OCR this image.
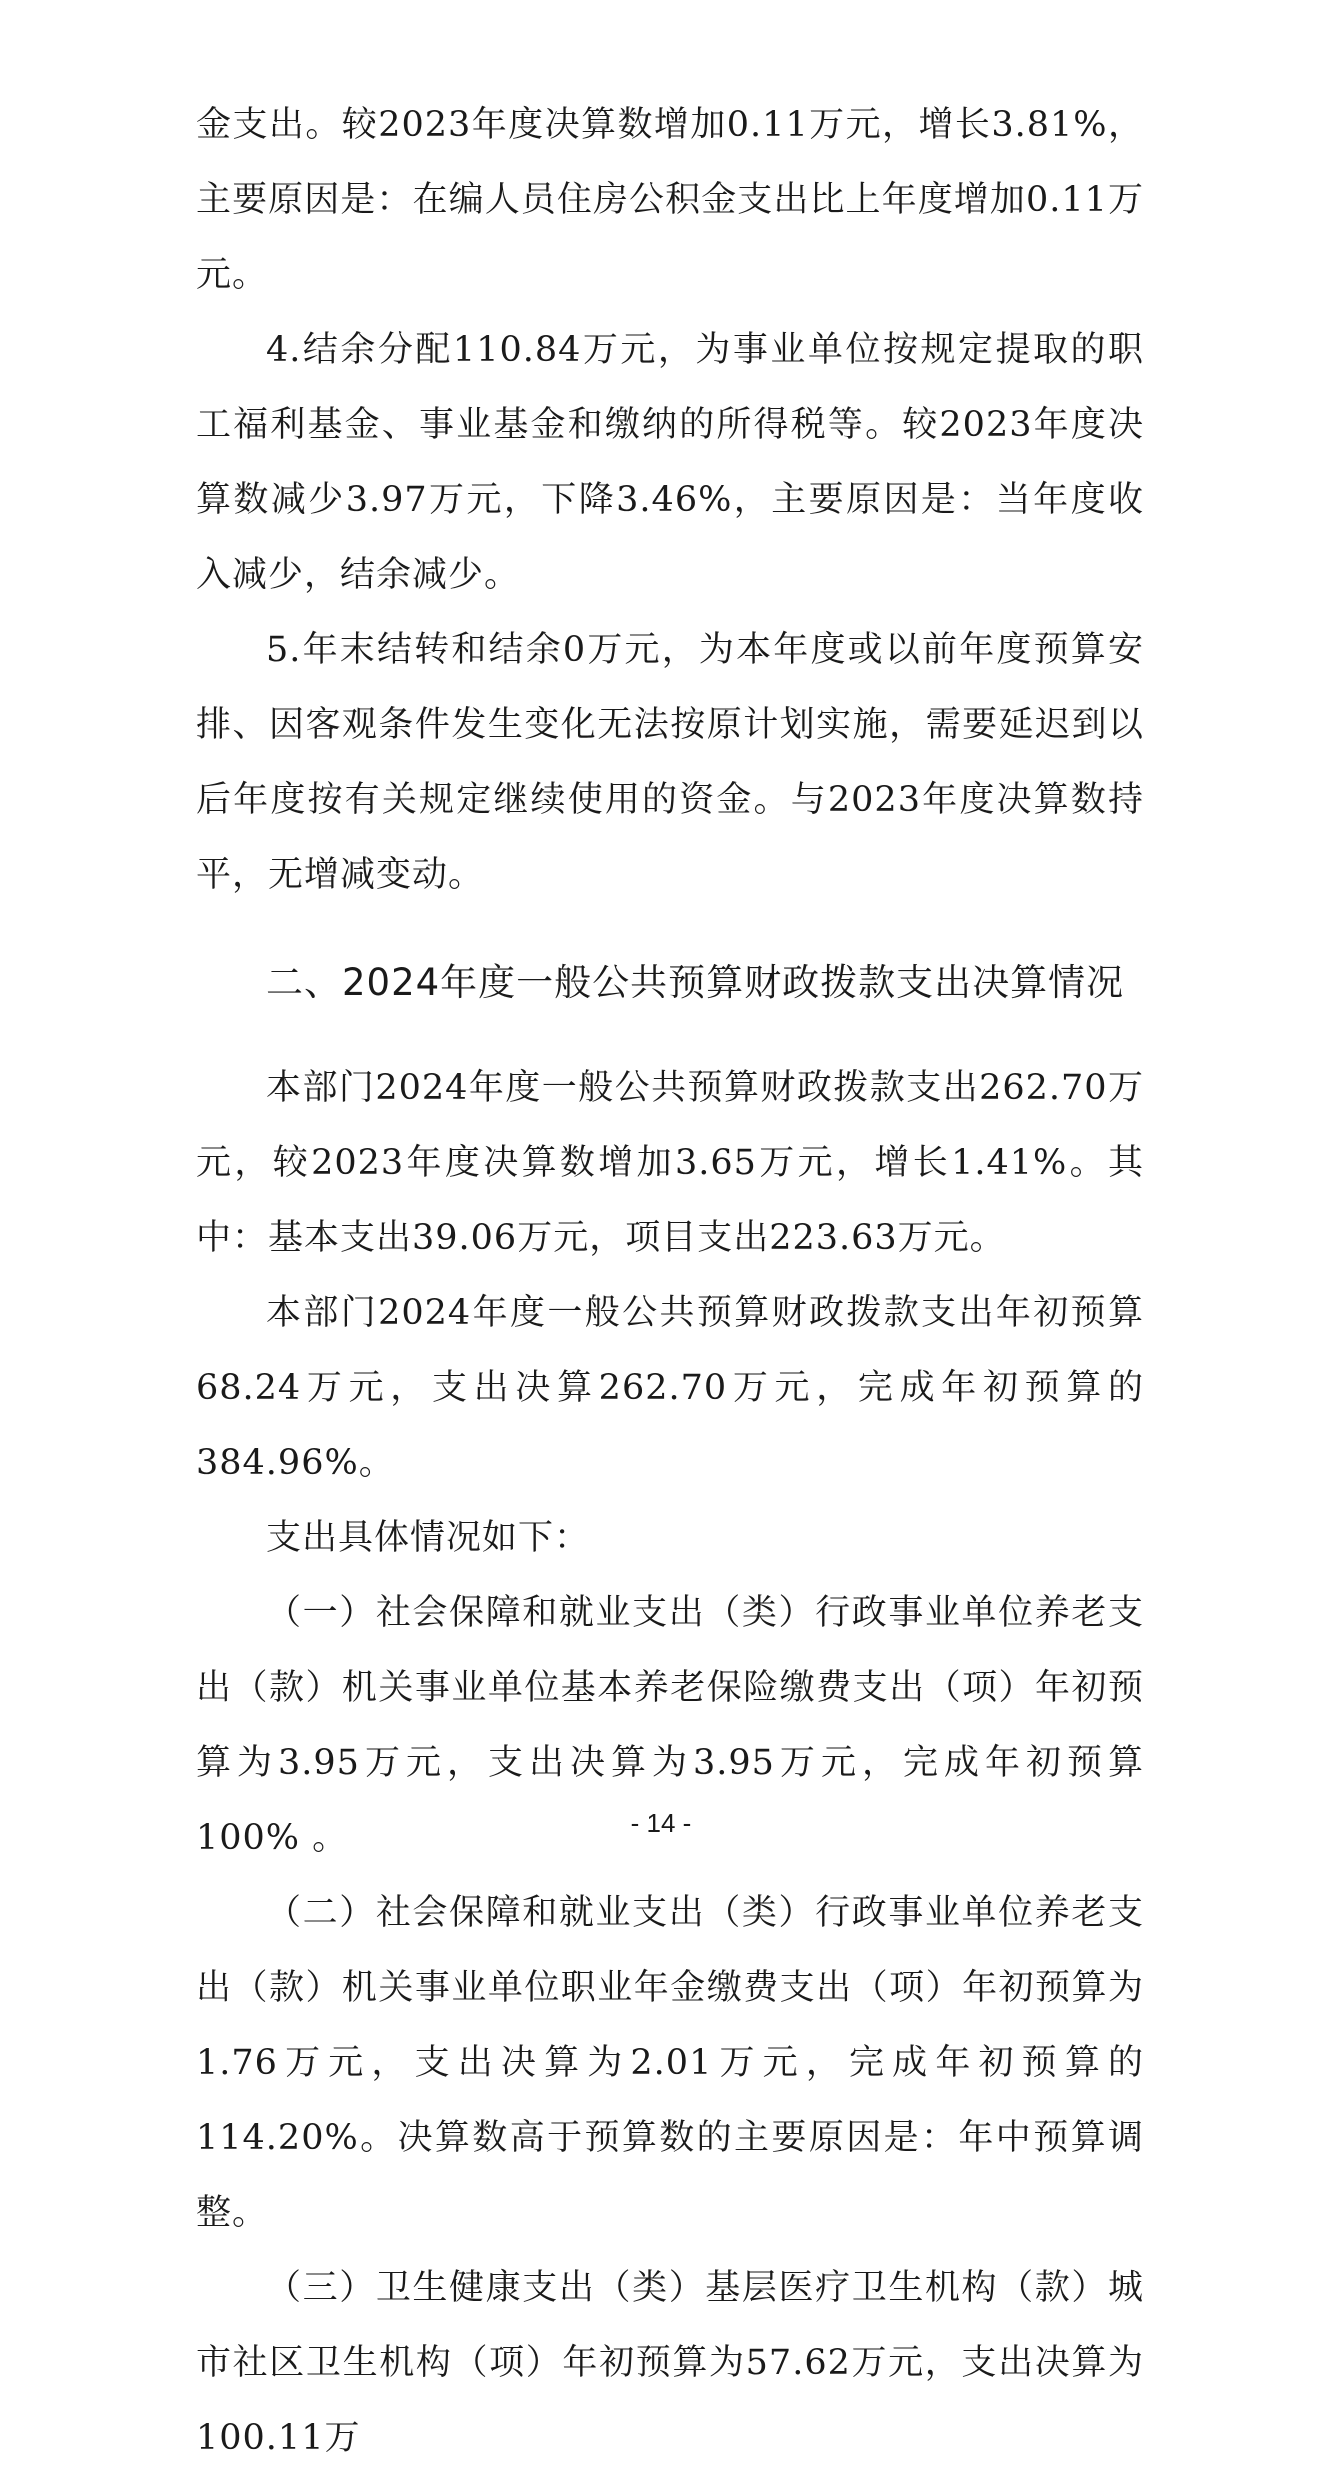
金支出。较2023年度决算数增加0.11万元，增长3.81%，主要原因是：在编人员住房公积金支出比上年度增加0.11万元。

4.结余分配110.84万元，为事业单位按规定提取的职工福利基金、事业基金和缴纳的所得税等。较2023年度决算数减少3.97万元，下降3.46%，主要原因是：当年度收入减少，结余减少。

5.年末结转和结余0万元，为本年度或以前年度预算安排、因客观条件发生变化无法按原计划实施，需要延迟到以后年度按有关规定继续使用的资金。与2023年度决算数持平，无增减变动。

二、2024年度一般公共预算财政拨款支出决算情况

本部门2024年度一般公共预算财政拨款支出262.70万元，较2023年度决算数增加3.65万元，增长1.41%。其中：基本支出39.06万元，项目支出223.63万元。

本部门2024年度一般公共预算财政拨款支出年初预算68.24万元，支出决算262.70万元，完成年初预算的384.96%。

支出具体情况如下：

（一）社会保障和就业支出（类）行政事业单位养老支出（款）机关事业单位基本养老保险缴费支出（项）年初预算为3.95万元，支出决算为3.95万元，完成年初预算100% 。

（二）社会保障和就业支出（类）行政事业单位养老支出（款）机关事业单位职业年金缴费支出（项）年初预算为1.76万元，支出决算为2.01万元，完成年初预算的114.20%。决算数高于预算数的主要原因是：年中预算调整。

（三）卫生健康支出（类）基层医疗卫生机构（款）城市社区卫生机构（项）年初预算为57.62万元，支出决算为100.11万

- 14 -
